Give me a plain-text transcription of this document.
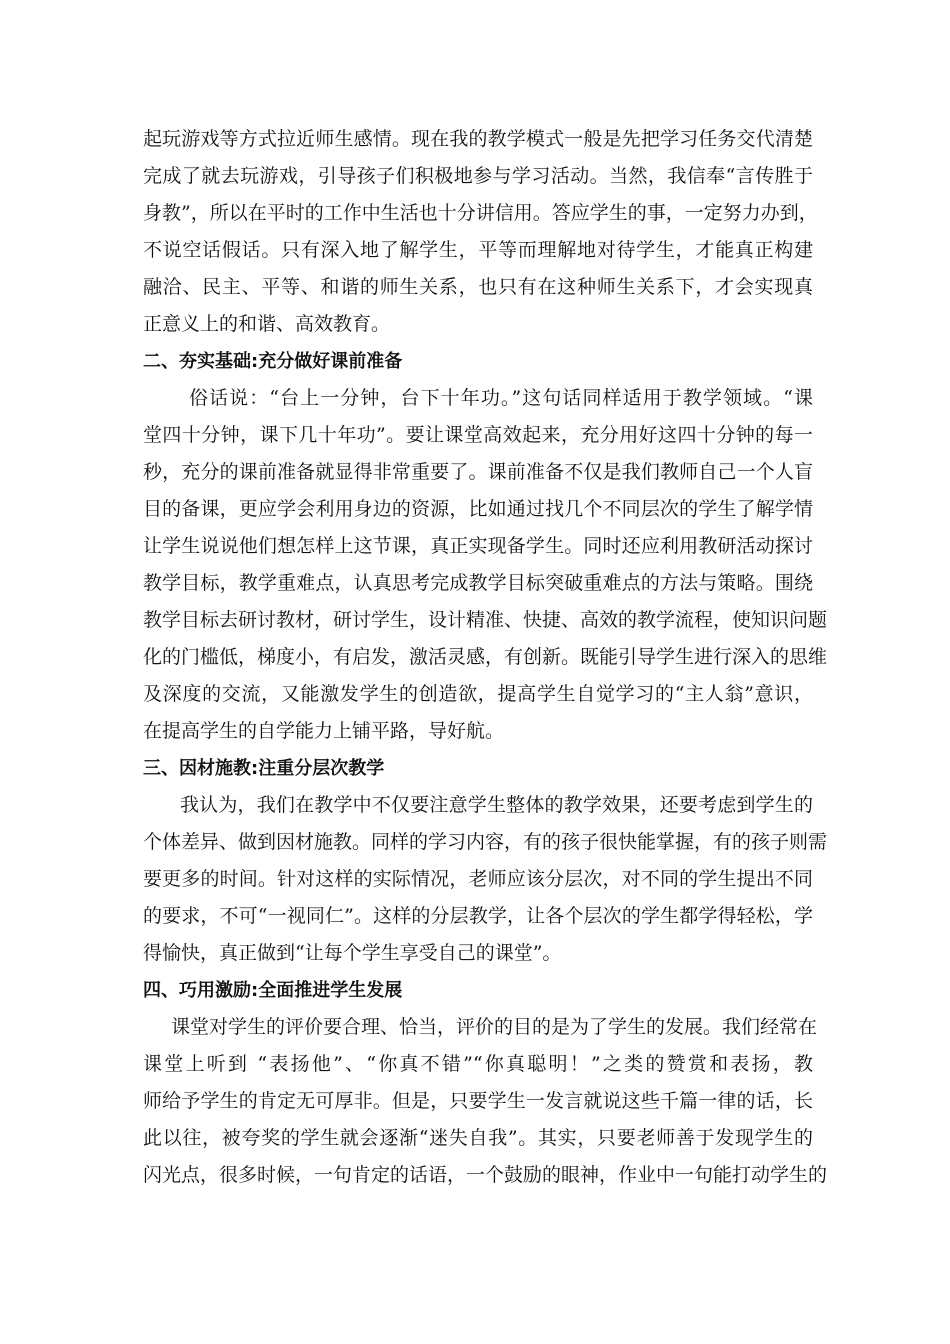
起玩游戏等方式拉近师生感情。现在我的教学模式一般是先把学习任务交代清楚
完成了就去玩游戏，引导孩子们积极地参与学习活动。当然，我信奉“言传胜于
身教”，所以在平时的工作中生活也十分讲信用。答应学生的事，一定努力办到，
不说空话假话。只有深入地了解学生，平等而理解地对待学生，才能真正构建
融洽、民主、平等、和谐的师生关系，也只有在这种师生关系下，才会实现真
正意义上的和谐、高效教育。
二、夯实基础:充分做好课前准备
俗话说：“台上一分钟，台下十年功。”这句话同样适用于教学领域。“课
堂四十分钟，课下几十年功”。要让课堂高效起来，充分用好这四十分钟的每一
秒，充分的课前准备就显得非常重要了。课前准备不仅是我们教师自己一个人盲
目的备课，更应学会利用身边的资源，比如通过找几个不同层次的学生了解学情
让学生说说他们想怎样上这节课，真正实现备学生。同时还应利用教研活动探讨
教学目标，教学重难点，认真思考完成教学目标突破重难点的方法与策略。围绕
教学目标去研讨教材，研讨学生，设计精准、快捷、高效的教学流程，使知识问题
化的门槛低，梯度小，有启发，激活灵感，有创新。既能引导学生进行深入的思维
及深度的交流，又能激发学生的创造欲，提高学生自觉学习的“主人翁”意识，
在提高学生的自学能力上铺平路，导好航。
三、因材施教:注重分层次教学
我认为，我们在教学中不仅要注意学生整体的教学效果，还要考虑到学生的
个体差异、做到因材施教。同样的学习内容，有的孩子很快能掌握，有的孩子则需
要更多的时间。针对这样的实际情况，老师应该分层次，对不同的学生提出不同
的要求，不可“一视同仁”。这样的分层教学，让各个层次的学生都学得轻松，学
得愉快，真正做到“让每个学生享受自己的课堂”。
四、巧用激励:全面推进学生发展
课堂对学生的评价要合理、恰当，评价的目的是为了学生的发展。我们经常在
课堂上听到 “表扬他”、“你真不错”“你真聪明！”之类的赞赏和表扬，教
师给予学生的肯定无可厚非。但是，只要学生一发言就说这些千篇一律的话，长
此以往，被夸奖的学生就会逐渐“迷失自我”。其实，只要老师善于发现学生的
闪光点，很多时候，一句肯定的话语，一个鼓励的眼神，作业中一句能打动学生的
